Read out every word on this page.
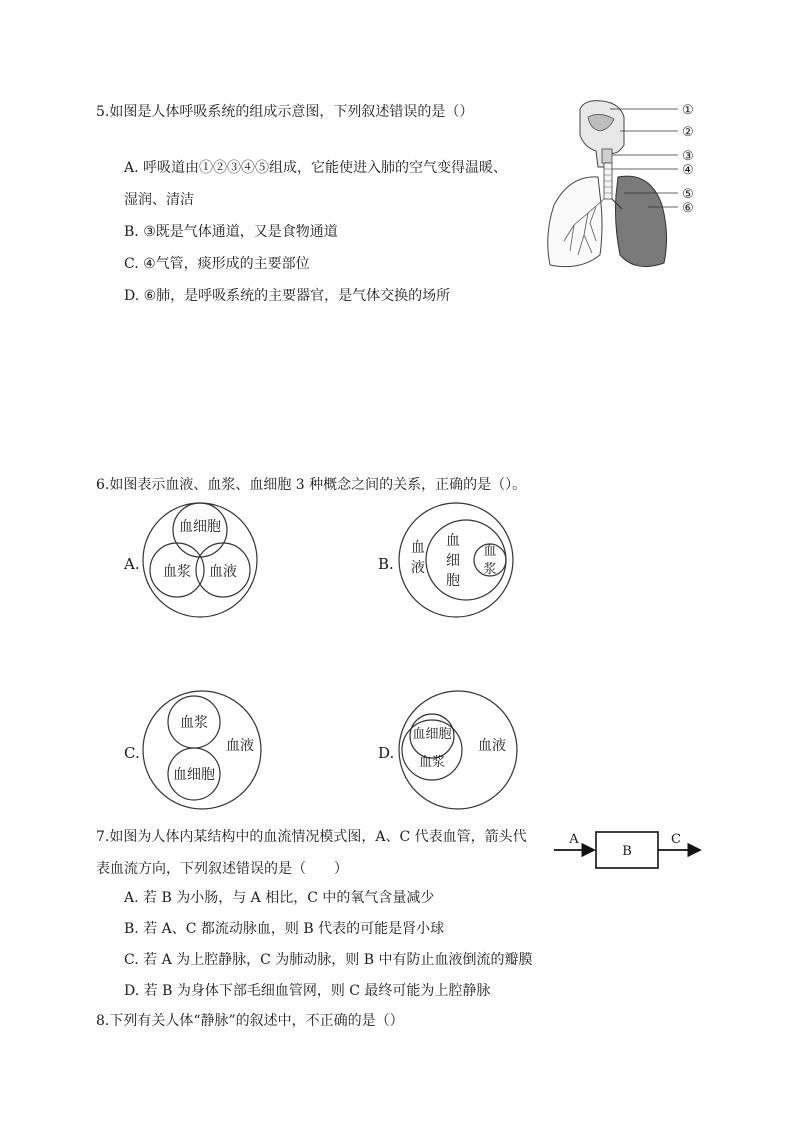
5.如图是人体呼吸系统的组成示意图，下列叙述错误的是（）
A. 呼吸道由①②③④⑤组成，它能使进入肺的空气变得温暖、
湿润、清洁
B. ③既是气体通道，又是食物通道
C. ④气管，痰形成的主要部位
D. ⑥肺，是呼吸系统的主要器官，是气体交换的场所
①
②
③
④
⑤
⑥
6.如图表示血液、血浆、血细胞 3 种概念之间的关系，正确的是（）。
A.
血细胞
血浆 血液	B.
血
液
血
细
胞
血
浆
C.
血浆
血液
血细胞
D.
血细胞
血浆
血液
7.如图为人体内某结构中的血流情况模式图，A、C 代表血管，箭头代
表血流方向，下列叙述错误的是（　　）
A
B
C
A. 若 B 为小肠，与 A 相比，C 中的氧气含量减少
B. 若 A、C 都流动脉血，则 B 代表的可能是肾小球
C. 若 A 为上腔静脉，C 为肺动脉，则 B 中有防止血液倒流的瓣膜
D. 若 B 为身体下部毛细血管网，则 C 最终可能为上腔静脉
8.下列有关人体“静脉”的叙述中，不正确的是（）
